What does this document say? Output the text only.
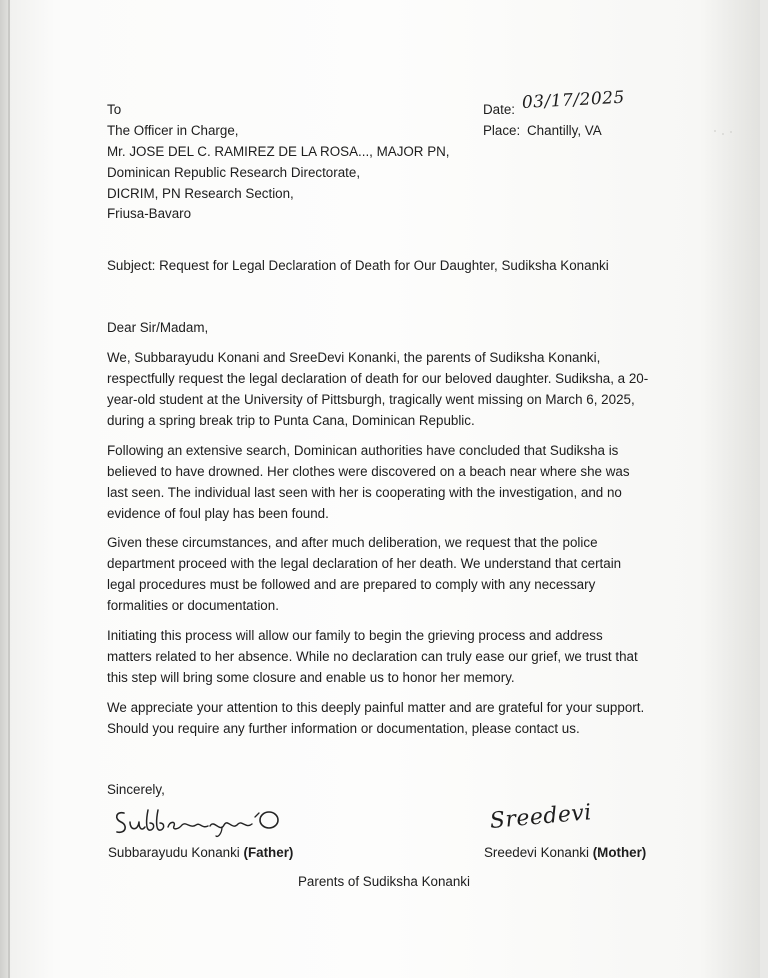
To
The Officer in Charge,
Mr. JOSE DEL C. RAMIREZ DE LA ROSA..., MAJOR PN,
Dominican Republic Research Directorate,
DICRIM, PN Research Section,
Friusa-Bavaro
Date: 03/17/2025
Place: Chantilly, VA
Subject: Request for Legal Declaration of Death for Our Daughter, Sudiksha Konanki
Dear Sir/Madam,
We, Subbarayudu Konani and SreeDevi Konanki, the parents of Sudiksha Konanki,
respectfully request the legal declaration of death for our beloved daughter. Sudiksha, a 20-
year-old student at the University of Pittsburgh, tragically went missing on March 6, 2025,
during a spring break trip to Punta Cana, Dominican Republic.
Following an extensive search, Dominican authorities have concluded that Sudiksha is
believed to have drowned. Her clothes were discovered on a beach near where she was
last seen. The individual last seen with her is cooperating with the investigation, and no
evidence of foul play has been found.
Given these circumstances, and after much deliberation, we request that the police
department proceed with the legal declaration of her death. We understand that certain
legal procedures must be followed and are prepared to comply with any necessary
formalities or documentation.
Initiating this process will allow our family to begin the grieving process and address
matters related to her absence. While no declaration can truly ease our grief, we trust that
this step will bring some closure and enable us to honor her memory.
We appreciate your attention to this deeply painful matter and are grateful for your support.
Should you require any further information or documentation, please contact us.
Sincerely,
Subbarayudu Konanki (Father)
Sreedevi
Sreedevi Konanki (Mother)
Parents of Sudiksha Konanki
